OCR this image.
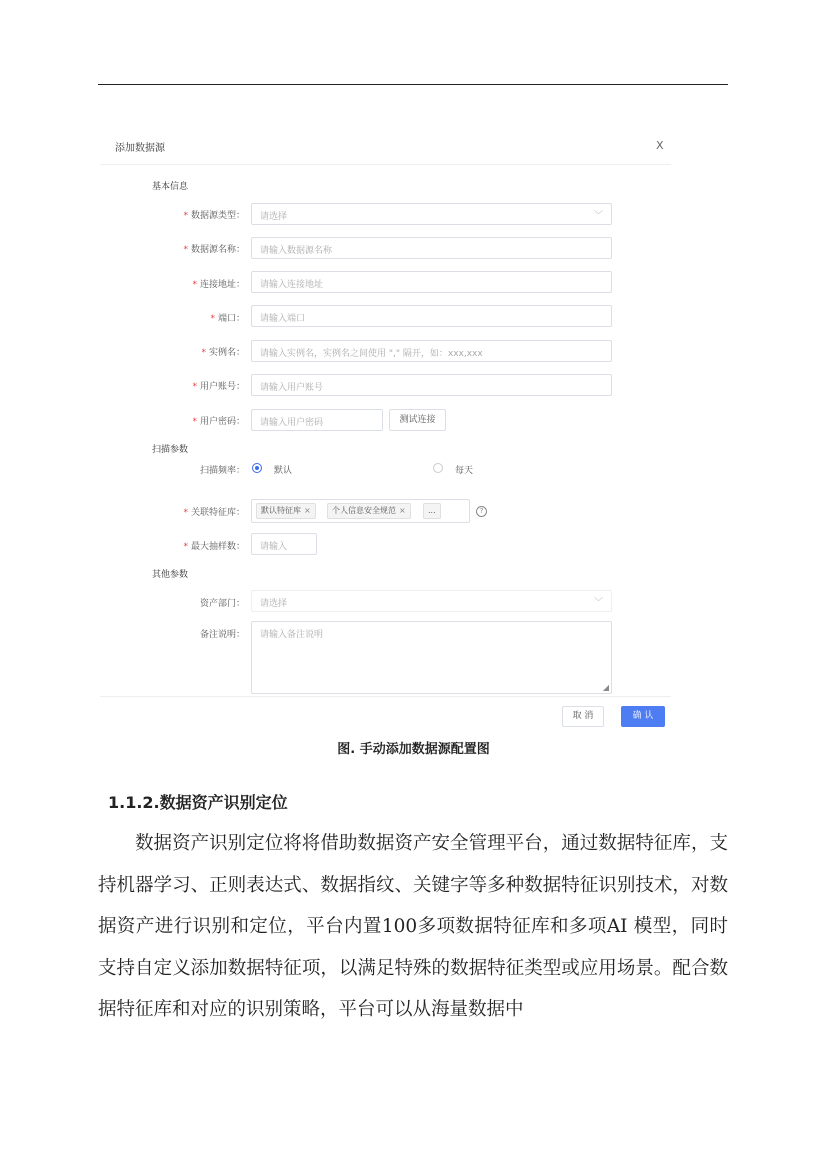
添加数据源	X
基本信息
* 数据源类型：	请选择	﹀
* 数据源名称：	请输入数据源名称
* 连接地址：	请输入连接地址
* 端口：	请输入端口
* 实例名：	请输入实例名，实例名之间使用 "," 隔开，如：xxx,xxx
* 用户账号：	请输入用户账号
* 用户密码：	请输入用户密码	测试连接
扫描参数
扫描频率：	默认	每天
* 关联特征库：	默认特征库 ×	个人信息安全规范 ×	...	?
* 最大抽样数：	请输入
其他参数
资产部门：	请选择	﹀
备注说明：	请输入备注说明
◢
取 消	确 认
图. 手动添加数据源配置图
1.1.2.数据资产识别定位
数据资产识别定位将将借助数据资产安全管理平台，通过数据特征库，支持机器学习、正则表达式、数据指纹、关键字等多种数据特征识别技术，对数据资产进行识别和定位，平台内置100多项数据特征库和多项AI 模型，同时支持自定义添加数据特征项，以满足特殊的数据特征类型或应用场景。配合数据特征库和对应的识别策略，平台可以从海量数据中
